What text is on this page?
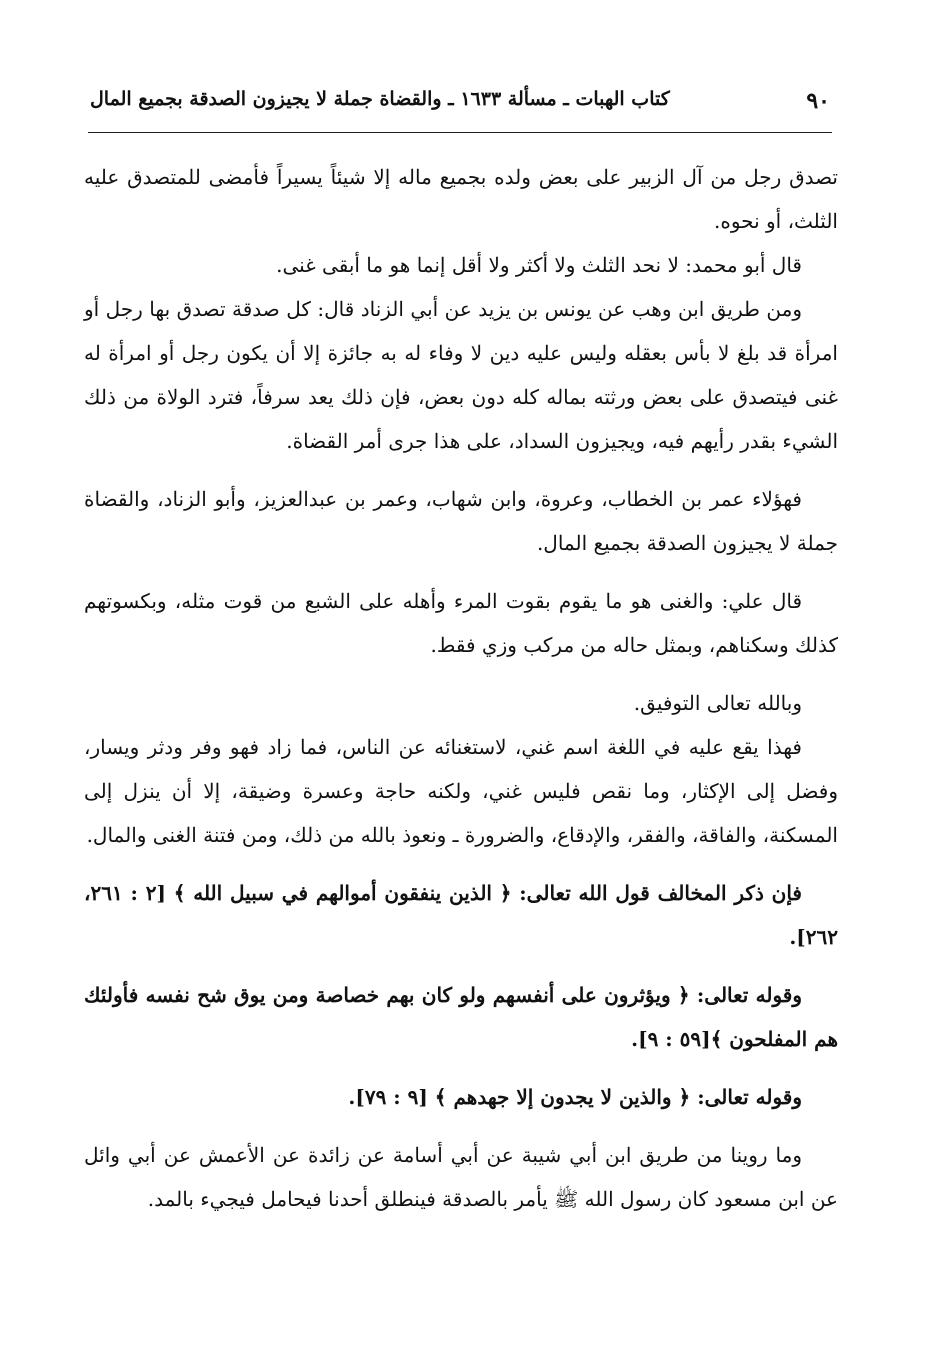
٩٠
كتاب الهبات ـ مسألة ١٦٣٣ ـ والقضاة جملة لا يجيزون الصدقة بجميع المال

تصدق رجل من آل الزبير على بعض ولده بجميع ماله إلا شيئاً يسيراً فأمضى للمتصدق عليه الثلث، أو نحوه.

قال أبو محمد: لا نحد الثلث ولا أكثر ولا أقل إنما هو ما أبقى غنى.

ومن طريق ابن وهب عن يونس بن يزيد عن أبي الزناد قال: كل صدقة تصدق بها رجل أو امرأة قد بلغ لا بأس بعقله وليس عليه دين لا وفاء له به جائزة إلا أن يكون رجل أو امرأة له غنى فيتصدق على بعض ورثته بماله كله دون بعض، فإن ذلك يعد سرفاً، فترد الولاة من ذلك الشيء بقدر رأيهم فيه، ويجيزون السداد، على هذا جرى أمر القضاة.

فهؤلاء عمر بن الخطاب، وعروة، وابن شهاب، وعمر بن عبدالعزيز، وأبو الزناد، والقضاة جملة لا يجيزون الصدقة بجميع المال.

قال علي: والغنى هو ما يقوم بقوت المرء وأهله على الشبع من قوت مثله، وبكسوتهم كذلك وسكناهم، وبمثل حاله من مركب وزي فقط.

وبالله تعالى التوفيق.

فهذا يقع عليه في اللغة اسم غني، لاستغنائه عن الناس، فما زاد فهو وفر ودثر ويسار، وفضل إلى الإكثار، وما نقص فليس غني، ولكنه حاجة وعسرة وضيقة، إلا أن ينزل إلى المسكنة، والفاقة، والفقر، والإدقاع، والضرورة ـ ونعوذ بالله من ذلك، ومن فتنة الغنى والمال.

فإن ذكر المخالف قول الله تعالى: ﴿ الذين ينفقون أموالهم في سبيل الله ﴾ [٢ : ٢٦١، ٢٦٢].

وقوله تعالى: ﴿ ويؤثرون على أنفسهم ولو كان بهم خصاصة ومن يوق شح نفسه فأولئك هم المفلحون ﴾[٥٩ : ٩].

وقوله تعالى: ﴿ والذين لا يجدون إلا جهدهم ﴾ [٩ : ٧٩].

وما روينا من طريق ابن أبي شيبة عن أبي أسامة عن زائدة عن الأعمش عن أبي وائل عن ابن مسعود كان رسول الله ﷺ يأمر بالصدقة فينطلق أحدنا فيحامل فيجيء بالمد.
